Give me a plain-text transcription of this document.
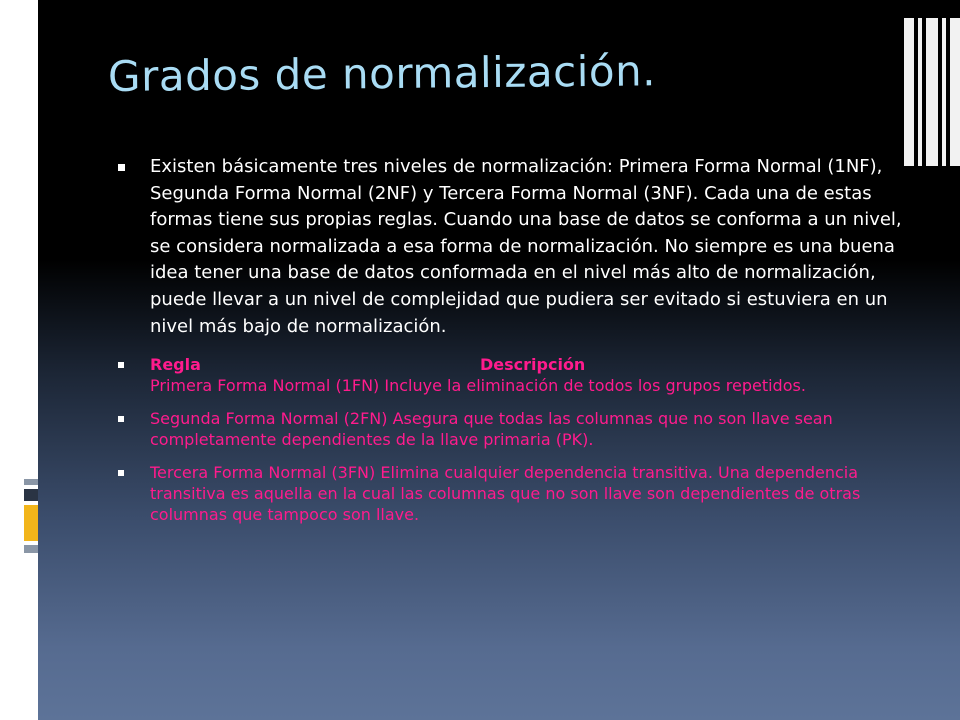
Grados de normalización.
Existen básicamente tres niveles de normalización: Primera Forma Normal (1NF), Segunda Forma Normal (2NF) y Tercera Forma Normal (3NF). Cada una de estas formas tiene sus propias reglas. Cuando una base de datos se conforma a un nivel, se considera normalizada a esa forma de normalización. No siempre es una buena idea tener una base de datos conformada en el nivel más alto de normalización, puede llevar a un nivel de complejidad que pudiera ser evitado si estuviera en un nivel más bajo de normalización.
Regla	Descripción
Primera Forma Normal (1FN) Incluye la eliminación de todos los grupos repetidos.
Segunda Forma Normal (2FN) Asegura que todas las columnas que no son llave sean completamente dependientes de la llave primaria (PK).
Tercera Forma Normal (3FN) Elimina cualquier dependencia transitiva. Una dependencia transitiva es aquella en la cual las columnas que no son llave son dependientes de otras columnas que tampoco son llave.
